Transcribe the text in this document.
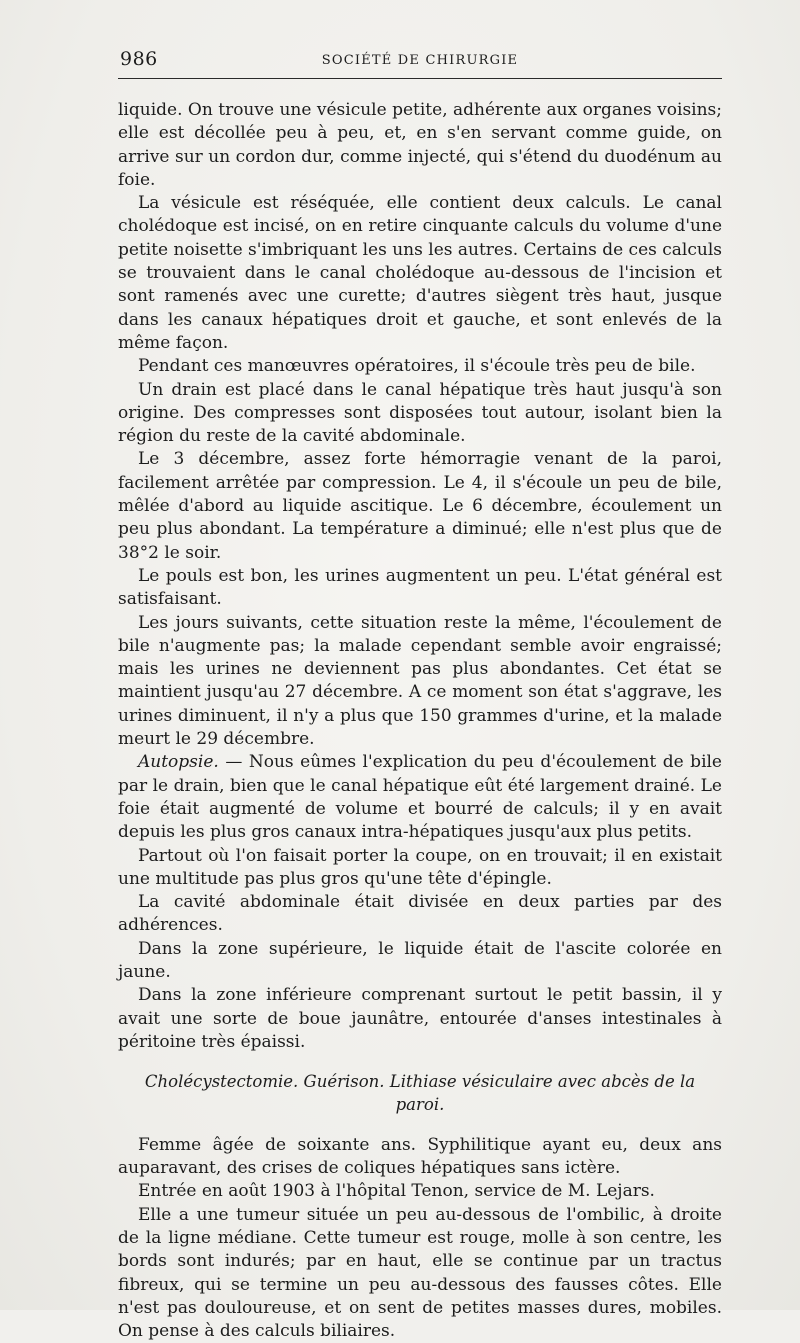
986	SOCIÉTÉ DE CHIRURGIE

liquide. On trouve une vésicule petite, adhérente aux organes voisins; elle est décollée peu à peu, et, en s'en servant comme guide, on arrive sur un cordon dur, comme injecté, qui s'étend du duodénum au foie.

La vésicule est réséquée, elle contient deux calculs. Le canal cholédoque est incisé, on en retire cinquante calculs du volume d'une petite noisette s'imbriquant les uns les autres. Certains de ces calculs se trouvaient dans le canal cholédoque au-dessous de l'incision et sont ramenés avec une curette; d'autres siègent très haut, jusque dans les canaux hépatiques droit et gauche, et sont enlevés de la même façon.

Pendant ces manœuvres opératoires, il s'écoule très peu de bile.

Un drain est placé dans le canal hépatique très haut jusqu'à son origine. Des compresses sont disposées tout autour, isolant bien la région du reste de la cavité abdominale.

Le 3 décembre, assez forte hémorragie venant de la paroi, facilement arrêtée par compression. Le 4, il s'écoule un peu de bile, mêlée d'abord au liquide ascitique. Le 6 décembre, écoulement un peu plus abondant. La température a diminué; elle n'est plus que de 38°2 le soir.

Le pouls est bon, les urines augmentent un peu. L'état général est satisfaisant.

Les jours suivants, cette situation reste la même, l'écoulement de bile n'augmente pas; la malade cependant semble avoir engraissé; mais les urines ne deviennent pas plus abondantes. Cet état se maintient jusqu'au 27 décembre. A ce moment son état s'aggrave, les urines diminuent, il n'y a plus que 150 grammes d'urine, et la malade meurt le 29 décembre.

Autopsie. — Nous eûmes l'explication du peu d'écoulement de bile par le drain, bien que le canal hépatique eût été largement drainé. Le foie était augmenté de volume et bourré de calculs; il y en avait depuis les plus gros canaux intra-hépatiques jusqu'aux plus petits.

Partout où l'on faisait porter la coupe, on en trouvait; il en existait une multitude pas plus gros qu'une tête d'épingle.

La cavité abdominale était divisée en deux parties par des adhérences.

Dans la zone supérieure, le liquide était de l'ascite colorée en jaune.

Dans la zone inférieure comprenant surtout le petit bassin, il y avait une sorte de boue jaunâtre, entourée d'anses intestinales à péritoine très épaissi.

Cholécystectomie. Guérison. Lithiase vésiculaire avec abcès de la paroi.

Femme âgée de soixante ans. Syphilitique ayant eu, deux ans auparavant, des crises de coliques hépatiques sans ictère.

Entrée en août 1903 à l'hôpital Tenon, service de M. Lejars.

Elle a une tumeur située un peu au-dessous de l'ombilic, à droite de la ligne médiane. Cette tumeur est rouge, molle à son centre, les bords sont indurés; par en haut, elle se continue par un tractus fibreux, qui se termine un peu au-dessous des fausses côtes. Elle n'est pas douloureuse, et on sent de petites masses dures, mobiles. On pense à des calculs biliaires.
